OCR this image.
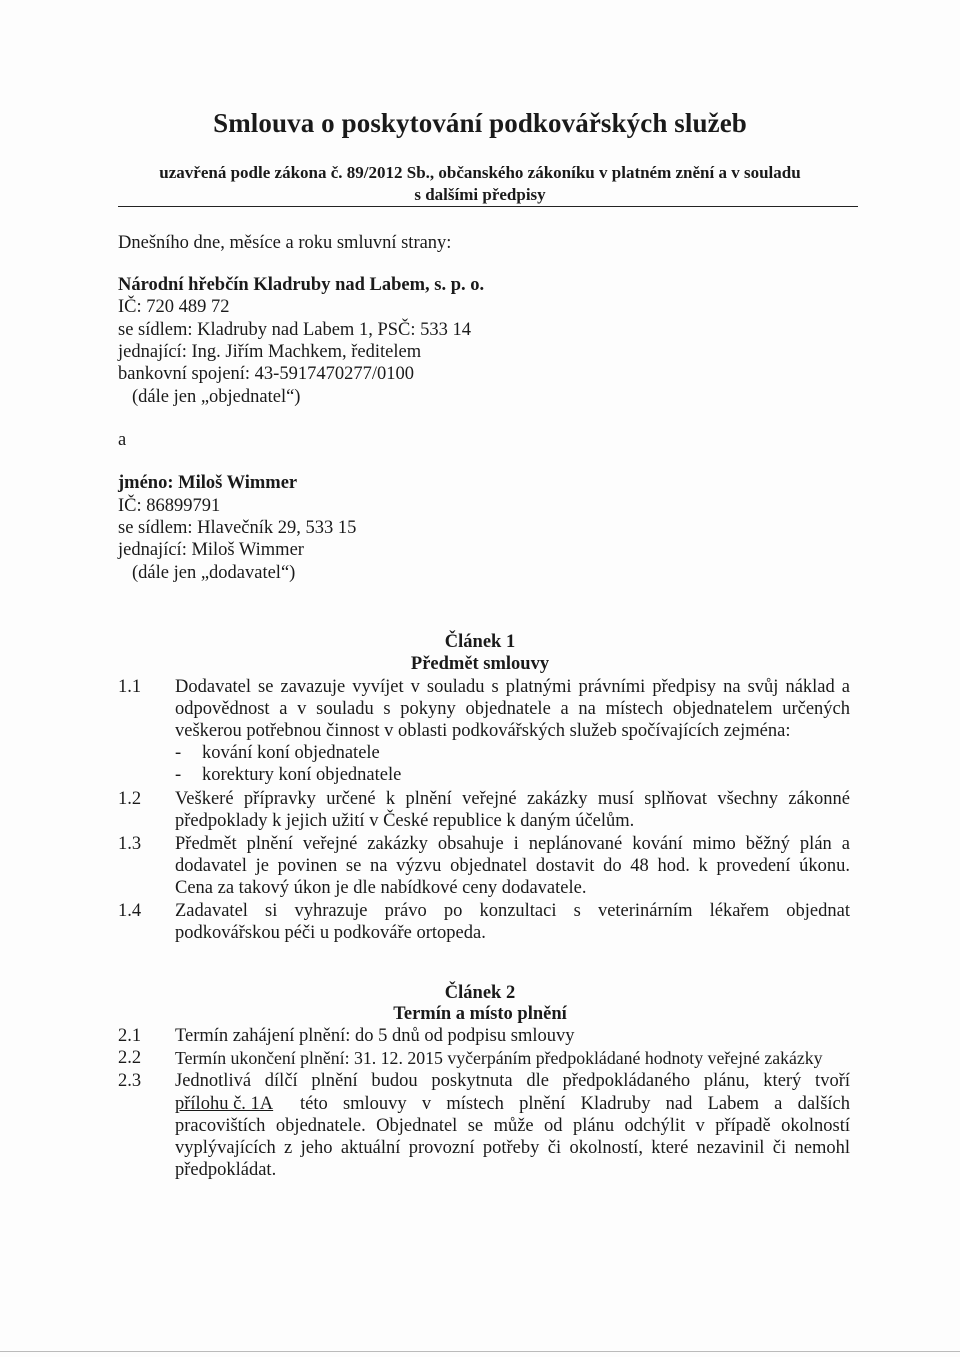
Smlouva o poskytování podkovářských služeb
uzavřená podle zákona č. 89/2012 Sb., občanského zákoníku v platném znění a v souladu
s dalšími předpisy
Dnešního dne, měsíce a roku smluvní strany:
Národní hřebčín Kladruby nad Labem, s. p. o.
IČ: 720 489 72
se sídlem: Kladruby nad Labem 1, PSČ: 533 14
jednající: Ing. Jiřím Machkem, ředitelem
bankovní spojení: 43-5917470277/0100
(dále jen „objednatel“)
a
jméno: Miloš Wimmer
IČ: 86899791
se sídlem: Hlavečník 29, 533 15
jednající: Miloš Wimmer
(dále jen „dodavatel“)
Článek 1
Předmět smlouvy
1.1 Dodavatel se zavazuje vyvíjet v souladu s platnými právními předpisy na svůj náklad a
odpovědnost a v souladu s pokyny objednatele a na místech objednatelem určených
veškerou potřebnou činnost v oblasti podkovářských služeb spočívajících zejména:
- kování koní objednatele
- korektury koní objednatele
1.2 Veškeré přípravky určené k plnění veřejné zakázky musí splňovat všechny zákonné
předpoklady k jejich užití v České republice k daným účelům.
1.3 Předmět plnění veřejné zakázky obsahuje i neplánované kování mimo běžný plán a
dodavatel je povinen se na výzvu objednatel dostavit do 48 hod. k provedení úkonu.
Cena za takový úkon je dle nabídkové ceny dodavatele.
1.4 Zadavatel si vyhrazuje právo po konzultaci s veterinárním lékařem objednat
podkovářskou péči u podkováře ortopeda.
Článek 2
Termín a místo plnění
2.1 Termín zahájení plnění: do 5 dnů od podpisu smlouvy
2.2 Termín ukončení plnění: 31. 12. 2015 vyčerpáním předpokládané hodnoty veřejné zakázky
2.3 Jednotlivá dílčí plnění budou poskytnuta dle předpokládaného plánu, který tvoří
přílohu č. 1A této smlouvy v místech plnění Kladruby nad Labem a dalších
pracovištích objednatele. Objednatel se může od plánu odchýlit v případě okolností
vyplývajících z jeho aktuální provozní potřeby či okolností, které nezavinil či nemohl
předpokládat.
